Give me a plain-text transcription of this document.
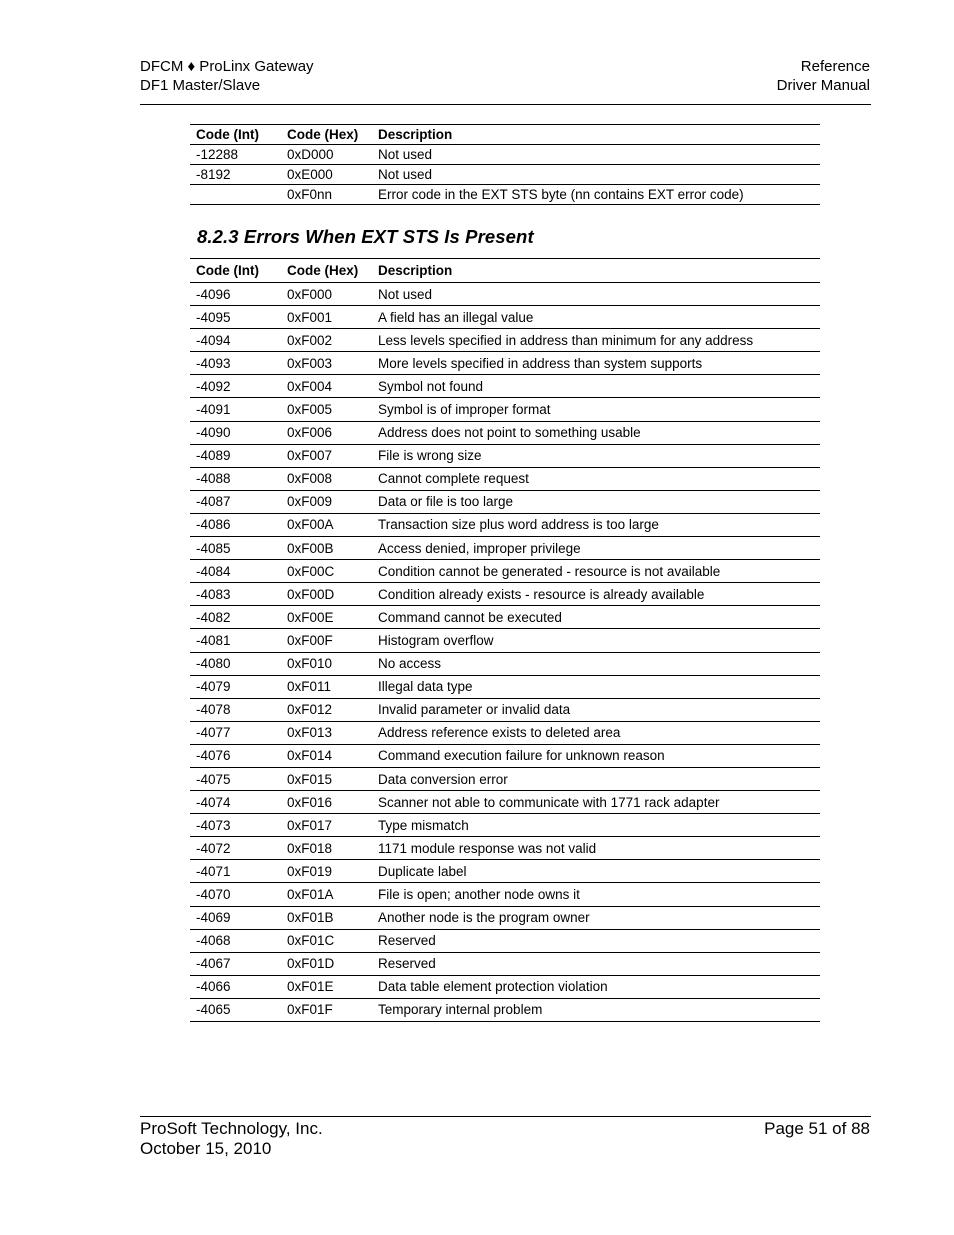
DFCM ♦ ProLinx Gateway
DF1 Master/Slave
Reference
Driver Manual
Code (Int)	Code (Hex)	Description
-12288	0xD000	Not used
-8192	0xE000	Not used
	0xF0nn	Error code in the EXT STS byte (nn contains EXT error code)
8.2.3 Errors When EXT STS Is Present
Code (Int)	Code (Hex)	Description
-4096	0xF000	Not used
-4095	0xF001	A field has an illegal value
-4094	0xF002	Less levels specified in address than minimum for any address
-4093	0xF003	More levels specified in address than system supports
-4092	0xF004	Symbol not found
-4091	0xF005	Symbol is of improper format
-4090	0xF006	Address does not point to something usable
-4089	0xF007	File is wrong size
-4088	0xF008	Cannot complete request
-4087	0xF009	Data or file is too large
-4086	0xF00A	Transaction size plus word address is too large
-4085	0xF00B	Access denied, improper privilege
-4084	0xF00C	Condition cannot be generated - resource is not available
-4083	0xF00D	Condition already exists - resource is already available
-4082	0xF00E	Command cannot be executed
-4081	0xF00F	Histogram overflow
-4080	0xF010	No access
-4079	0xF011	Illegal data type
-4078	0xF012	Invalid parameter or invalid data
-4077	0xF013	Address reference exists to deleted area
-4076	0xF014	Command execution failure for unknown reason
-4075	0xF015	Data conversion error
-4074	0xF016	Scanner not able to communicate with 1771 rack adapter
-4073	0xF017	Type mismatch
-4072	0xF018	1171 module response was not valid
-4071	0xF019	Duplicate label
-4070	0xF01A	File is open; another node owns it
-4069	0xF01B	Another node is the program owner
-4068	0xF01C	Reserved
-4067	0xF01D	Reserved
-4066	0xF01E	Data table element protection violation
-4065	0xF01F	Temporary internal problem
ProSoft Technology, Inc.
October 15, 2010
Page 51 of 88
